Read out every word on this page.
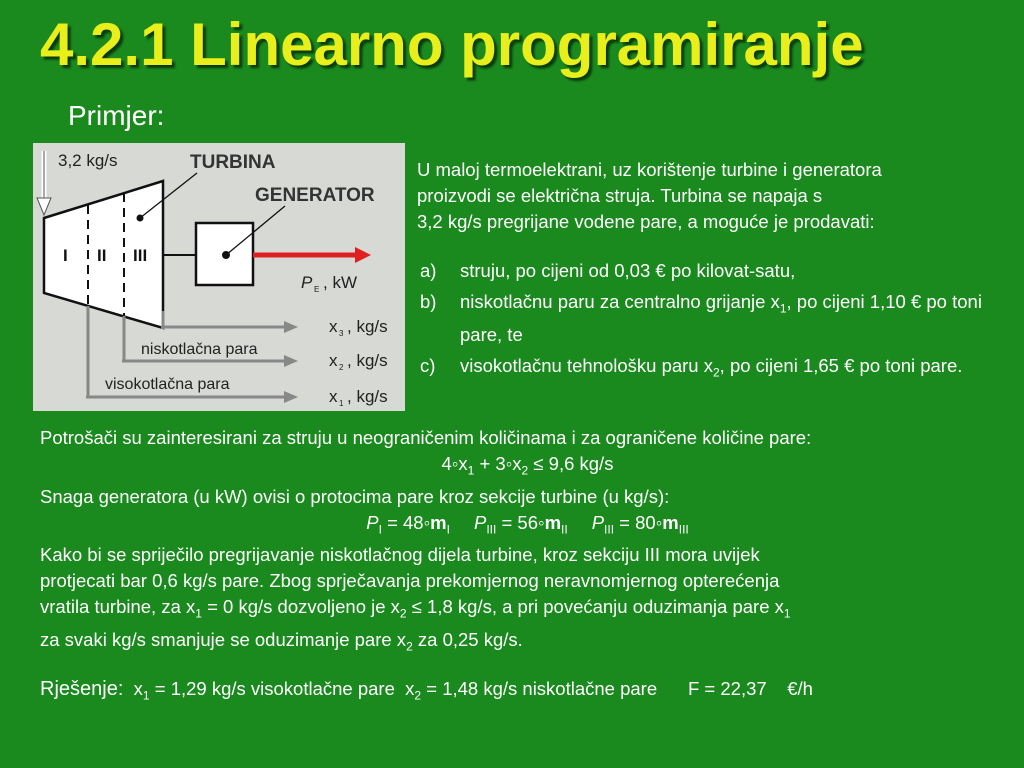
4.2.1 Linearno programiranje
Primjer:
3,2 kg/s
I II III
TURBINA
GENERATOR
P E , kW
x 3 , kg/s
niskotlačna para
x 2 , kg/s
visokotlačna para
x 1 , kg/s
U maloj termoelektrani, uz korištenje turbine i generatora
proizvodi se električna struja. Turbina se napaja s
3,2 kg/s pregrijane vodene pare, a moguće je prodavati:
a)	struju, po cijeni od 0,03 € po kilovat-satu,
b)	niskotlačnu paru za centralno grijanje $x_1$, po cijeni 1,10 € po toni pare, te
c)	visokotlačnu tehnološku paru $x_2$, po cijeni 1,65 € po toni pare.

Potrošači su zainteresirani za struju u neograničenim količinama i za ograničene količine pare:

$4◦x_1$ + $3◦x_2 \le 9,6$ kg/s

Snaga generatora (u kW) ovisi o protocima pare kroz sekcije turbine (u kg/s):

$P_I$ = $48◦m_I$ $P_{III}$ = $56◦m_{II}$ $P_{III}$ = $80◦m_{III}$

Kako bi se spriječilo pregrijavanje niskotlačnog dijela turbine, kroz sekciju III mora uvijek
protjecati bar 0,6 kg/s pare. Zbog sprječavanja prekomjernog neravnomjernog opterećenja
vratila turbine, za $x_1 = 0$ kg/s dozvoljeno je $x_2 \le 1,8$ kg/s, a pri povećanju oduzimanja pare $x_1$
za svaki kg/s smanjuje se oduzimanje pare $x_2$ za 0,25 kg/s.

Rješenje: $x_1 = 1,29$ kg/s visokotlačne pare $x_2 = 1,48$ kg/s niskotlačne pare F = 22,37 €/h
